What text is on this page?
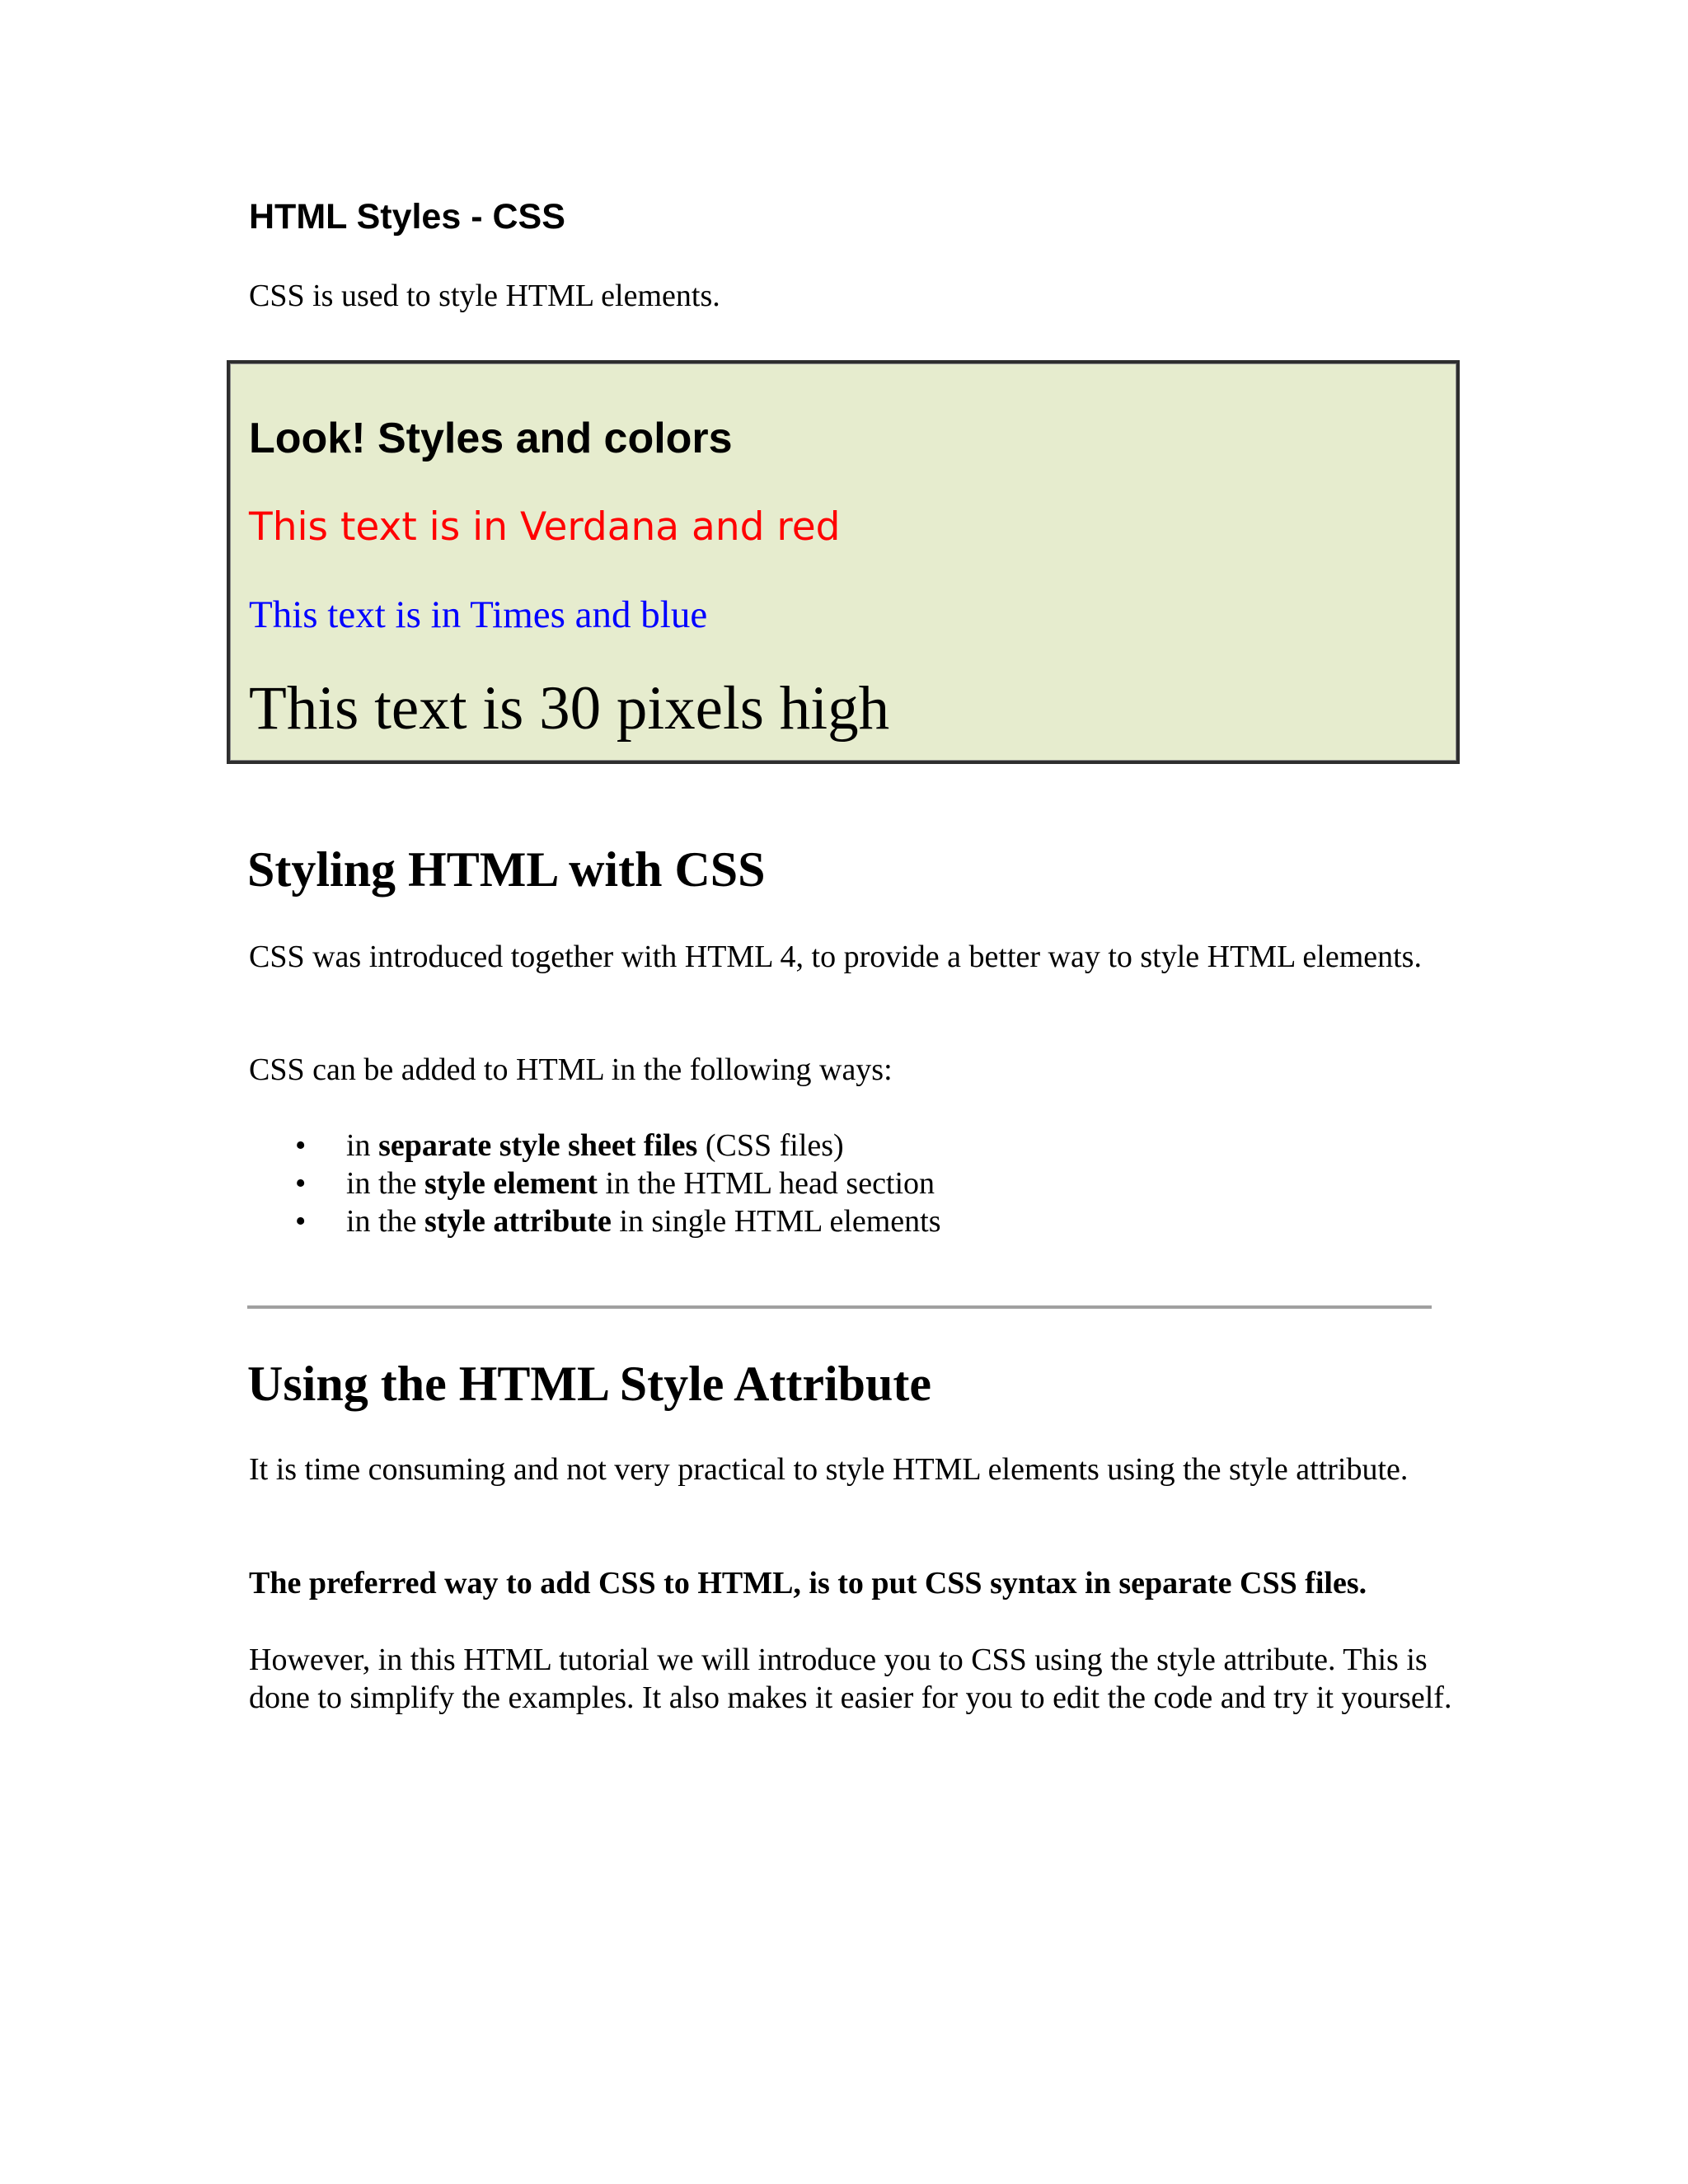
HTML Styles - CSS

CSS is used to style HTML elements.

Look! Styles and colors

This text is in Verdana and red

This text is in Times and blue

This text is 30 pixels high

Styling HTML with CSS

CSS was introduced together with HTML 4, to provide a better way to style HTML elements.

CSS can be added to HTML in the following ways:

• in separate style sheet files (CSS files)
• in the style element in the HTML head section
• in the style attribute in single HTML elements
Using the HTML Style Attribute

It is time consuming and not very practical to style HTML elements using the style attribute.

The preferred way to add CSS to HTML, is to put CSS syntax in separate CSS files.

However, in this HTML tutorial we will introduce you to CSS using the style attribute. This is done to simplify the examples. It also makes it easier for you to edit the code and try it yourself.
